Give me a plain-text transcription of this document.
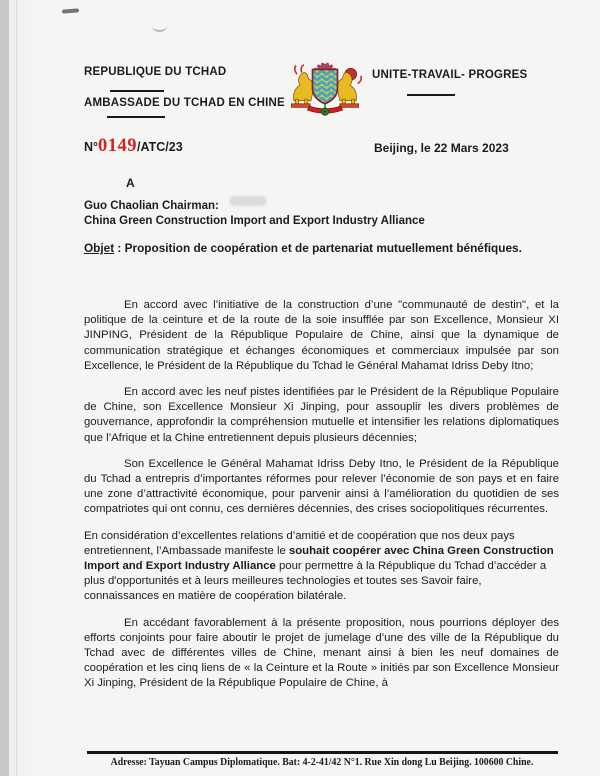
REPUBLIQUE DU TCHAD
AMBASSADE DU TCHAD EN CHINE
UNITE-TRAVAIL- PROGRES
N°0149/ATC/23	Beijing, le 22 Mars 2023
A
Guo Chaolian Chairman:
China Green Construction Import and Export Industry Alliance
Objet : Proposition de coopération et de partenariat mutuellement bénéfiques.

En accord avec l’initiative de la construction d’une "communauté de destin", et la politique de la ceinture et de la route de la soie insufflée par son Excellence, Monsieur XI JINPING, Président de la République Populaire de Chine, ainsi que la dynamique de communication stratégique et échanges économiques et commerciaux impulsée par son Excellence, le Président de la République du Tchad le Général Mahamat Idriss Deby Itno;

En accord avec les neuf pistes identifiées par le Président de la République Populaire de Chine, son Excellence Monsieur Xi Jinping, pour assouplir les divers problèmes de gouvernance, approfondir la compréhension mutuelle et intensifier les relations diplomatiques que l’Afrique et la Chine entretiennent depuis plusieurs décennies;

Son Excellence le Général Mahamat Idriss Deby Itno, le Président de la République du Tchad a entrepris d’importantes réformes pour relever l’économie de son pays et en faire une zone d’attractivité économique, pour parvenir ainsi à l’amélioration du quotidien de ses compatriotes qui ont connu, ces dernières décennies, des crises sociopolitiques récurrentes.

En considération d’excellentes relations d’amitié et de coopération que nos deux pays entretiennent, l’Ambassade manifeste le souhait coopérer avec China Green Construction Import and Export Industry Alliance pour permettre à la République du Tchad d’accéder a plus d'opportunités et à leurs meilleures technologies et toutes ses Savoir faire, connaissances en matière de coopération bilatérale.

En accédant favorablement à la présente proposition, nous pourrions déployer des efforts conjoints pour faire aboutir le projet de jumelage d’une des ville de la République du Tchad avec de différentes villes de Chine, menant ainsi à bien les neuf domaines de coopération et les cinq liens de « la Ceinture et la Route » initiés par son Excellence Monsieur Xi Jinping, Président de la République Populaire de Chine, à

Adresse: Tayuan Campus Diplomatique. Bat: 4-2-41/42 N°1. Rue Xin dong Lu Beijing. 100600 Chine.
